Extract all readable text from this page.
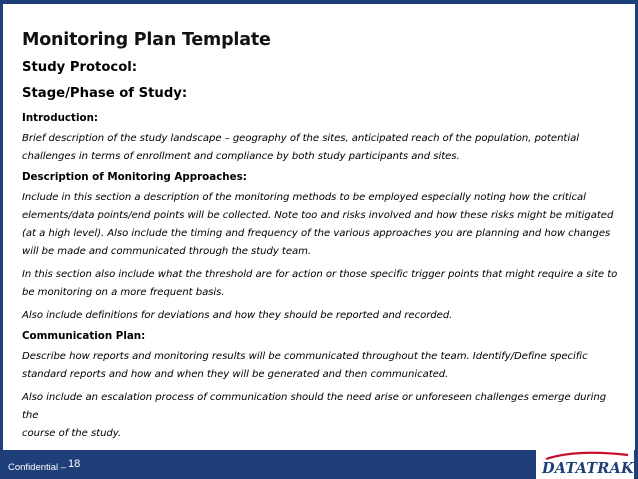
Monitoring Plan Template
Study Protocol:
Stage/Phase of Study:
Introduction:
Brief description of the study landscape – geography of the sites, anticipated reach of the population, potential
challenges in terms of enrollment and compliance by both study participants and sites.
Description of Monitoring Approaches:
Include in this section a description of the monitoring methods to be employed especially noting how the critical
elements/data points/end points will be collected. Note too and risks involved and how these risks might be mitigated
(at a high level). Also include the timing and frequency of the various approaches you are planning and how changes
will be made and communicated through the study team.
In this section also include what the threshold are for action or those specific trigger points that might require a site to
be monitoring on a more frequent basis.
Also include definitions for deviations and how they should be reported and recorded.
Communication Plan:
Describe how reports and monitoring results will be communicated throughout the team. Identify/Define specific
standard reports and how and when they will be generated and then communicated.
Also include an escalation process of communication should the need arise or unforeseen challenges emerge during the
course of the study.
Confidential – 18	DATATRAK
